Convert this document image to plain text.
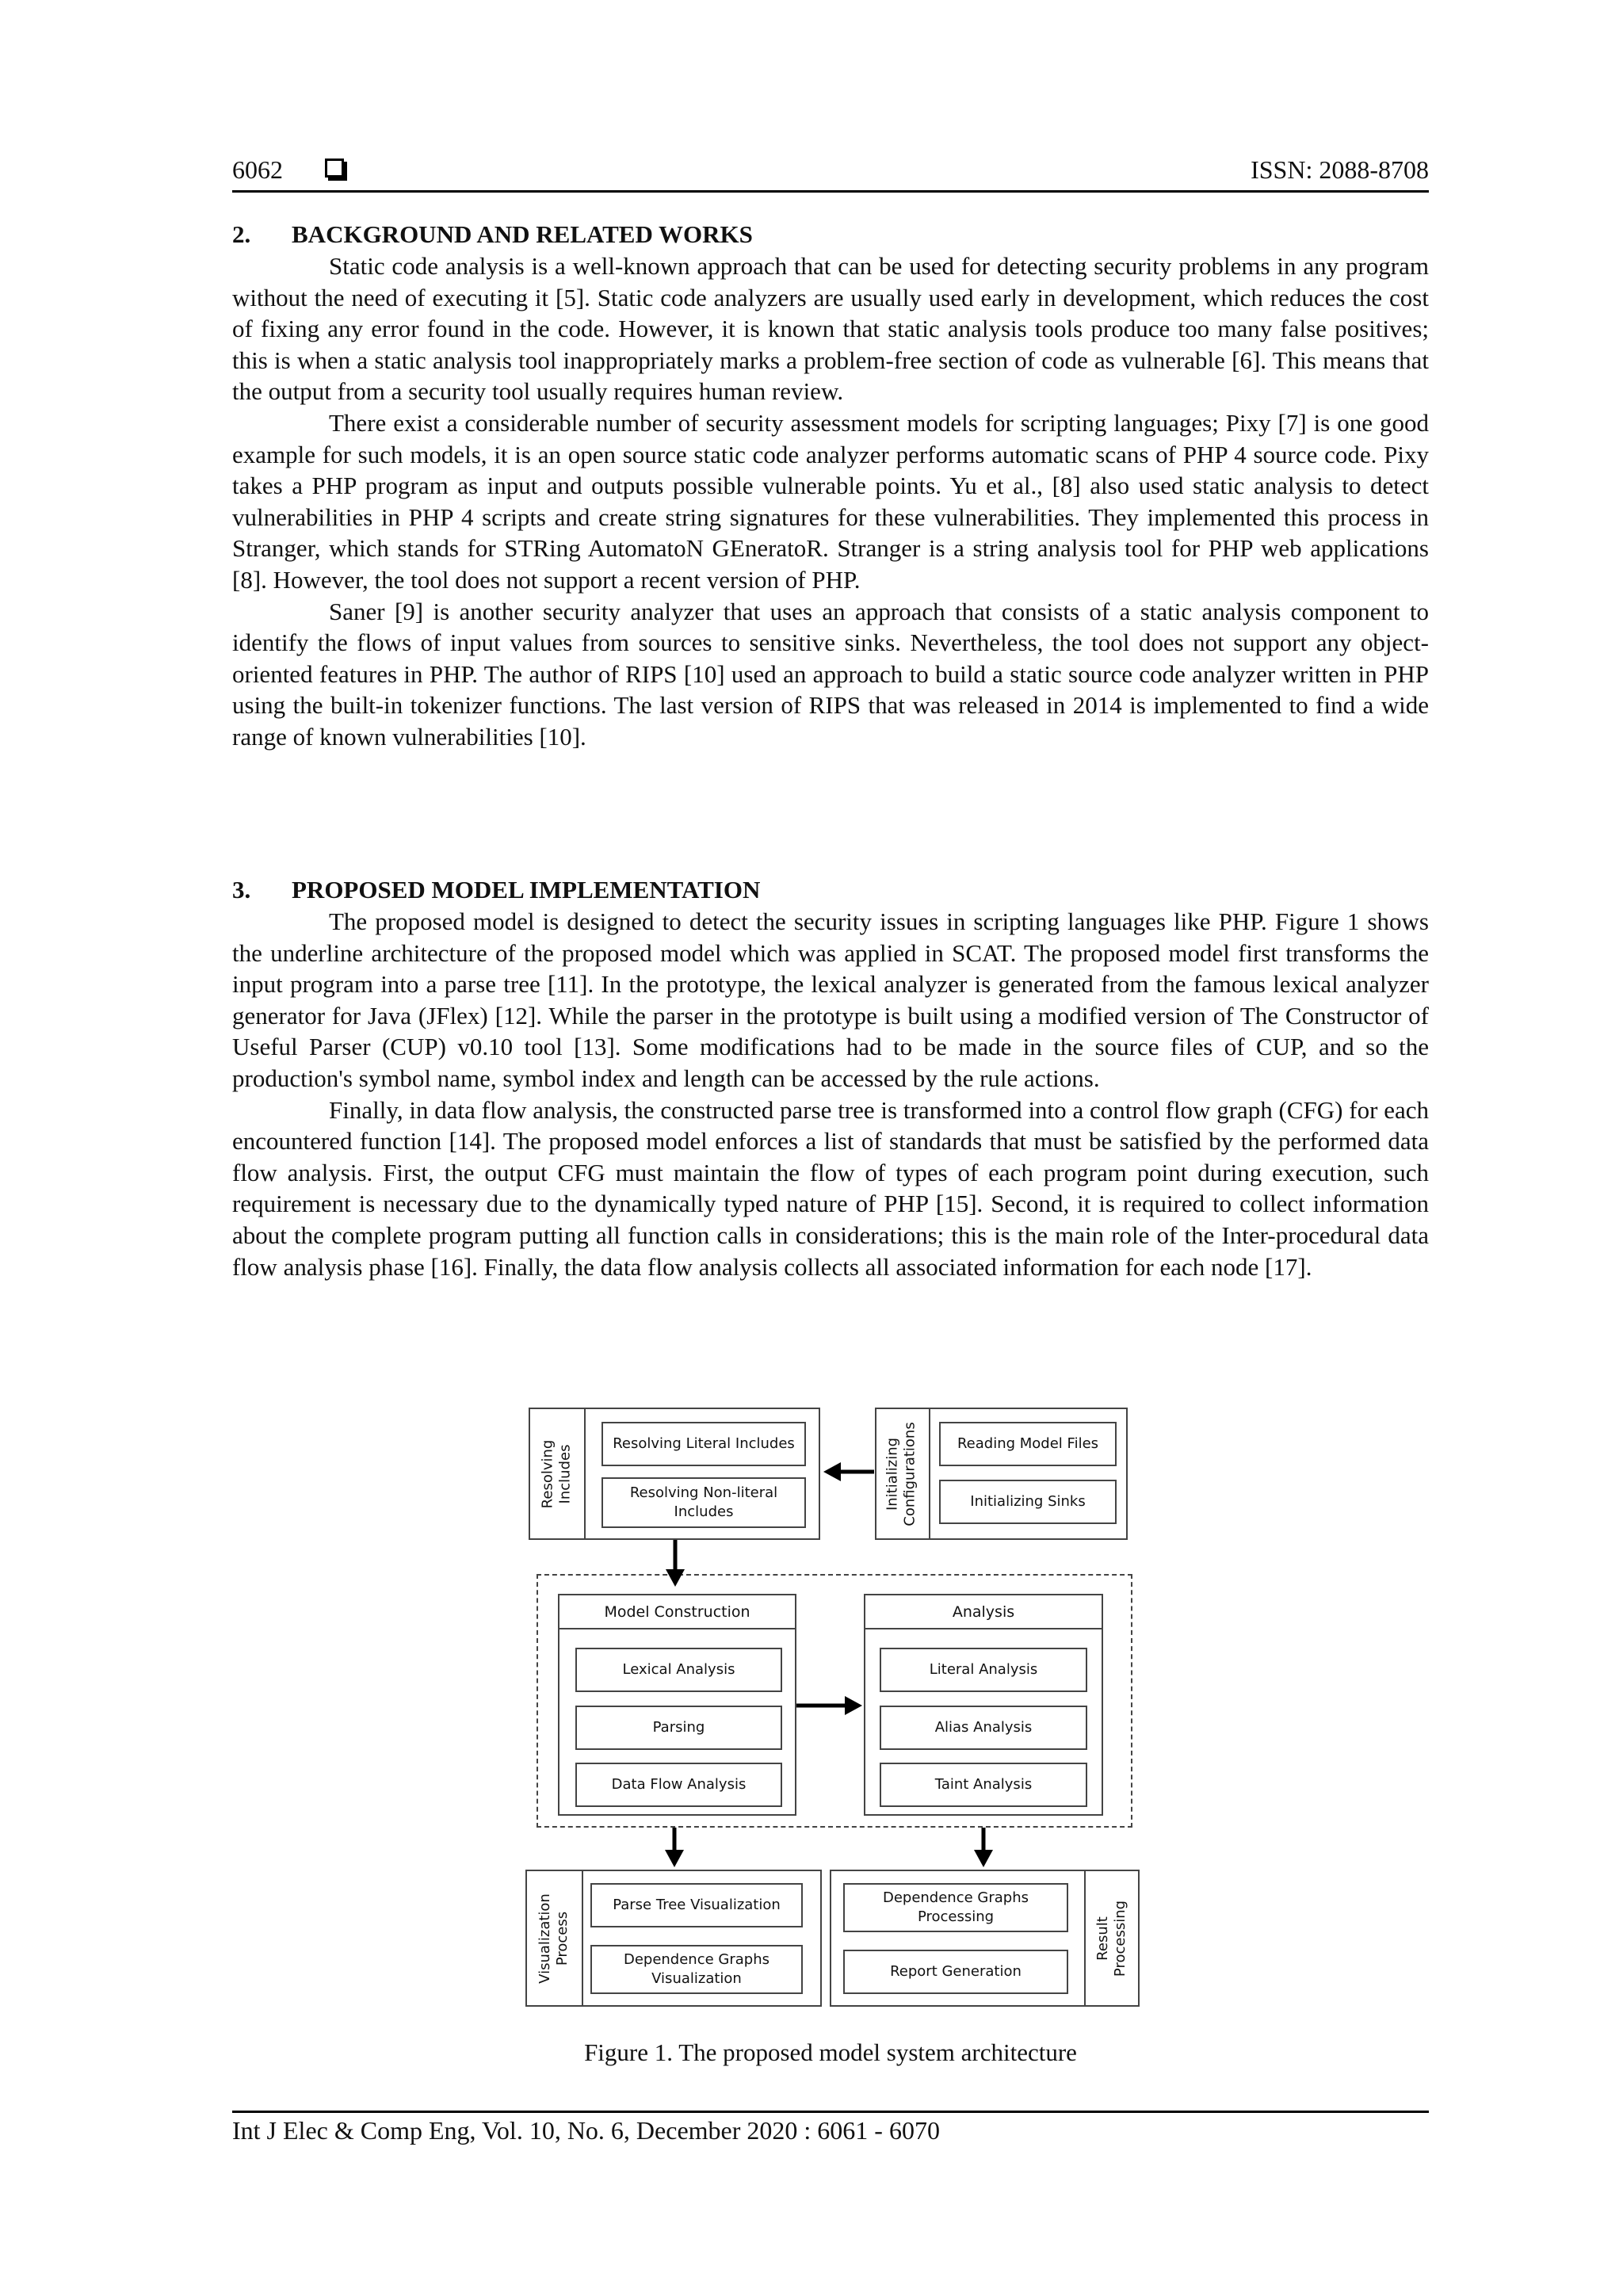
6062	ISSN: 2088-8708
2. BACKGROUND AND RELATED WORKS

Static code analysis is a well-known approach that can be used for detecting security problems in any program without the need of executing it [5]. Static code analyzers are usually used early in development, which reduces the cost of fixing any error found in the code. However, it is known that static analysis tools produce too many false positives; this is when a static analysis tool inappropriately marks a problem-free section of code as vulnerable [6]. This means that the output from a security tool usually requires human review.

There exist a considerable number of security assessment models for scripting languages; Pixy [7] is one good example for such models, it is an open source static code analyzer performs automatic scans of PHP 4 source code. Pixy takes a PHP program as input and outputs possible vulnerable points. Yu et al., [8] also used static analysis to detect vulnerabilities in PHP 4 scripts and create string signatures for these vulnerabilities. They implemented this process in Stranger, which stands for STRing AutomatoN GEneratoR. Stranger is a string analysis tool for PHP web applications [8]. However, the tool does not support a recent version of PHP.

Saner [9] is another security analyzer that uses an approach that consists of a static analysis component to identify the flows of input values from sources to sensitive sinks. Nevertheless, the tool does not support any object-oriented features in PHP. The author of RIPS [10] used an approach to build a static source code analyzer written in PHP using the built-in tokenizer functions. The last version of RIPS that was released in 2014 is implemented to find a wide range of known vulnerabilities [10].

3. PROPOSED MODEL IMPLEMENTATION

The proposed model is designed to detect the security issues in scripting languages like PHP. Figure 1 shows the underline architecture of the proposed model which was applied in SCAT. The proposed model first transforms the input program into a parse tree [11]. In the prototype, the lexical analyzer is generated from the famous lexical analyzer generator for Java (JFlex) [12]. While the parser in the prototype is built using a modified version of The Constructor of Useful Parser (CUP) v0.10 tool [13]. Some modifications had to be made in the source files of CUP, and so the production's symbol name, symbol index and length can be accessed by the rule actions.

Finally, in data flow analysis, the constructed parse tree is transformed into a control flow graph (CFG) for each encountered function [14]. The proposed model enforces a list of standards that must be satisfied by the performed data flow analysis. First, the output CFG must maintain the flow of types of each program point during execution, such requirement is necessary due to the dynamically typed nature of PHP [15]. Second, it is required to collect information about the complete program putting all function calls in considerations; this is the main role of the Inter-procedural data flow analysis phase [16]. Finally, the data flow analysis collects all associated information for each node [17].

Resolving Includes
Resolving Literal Includes
Resolving Non-literal Includes
Initializing Configurations	Reading Model Files
Initializing Sinks
Model Construction
Lexical Analysis
Parsing
Data Flow Analysis
Analysis
Literal Analysis
Alias Analysis
Taint Analysis
Visualization Process
Parse Tree Visualization
Dependence Graphs Visualization
Result Processing
Dependence Graphs Processing
Report Generation
Figure 1. The proposed model system architecture
Int J Elec & Comp Eng, Vol. 10, No. 6, December 2020 : 6061 - 6070
